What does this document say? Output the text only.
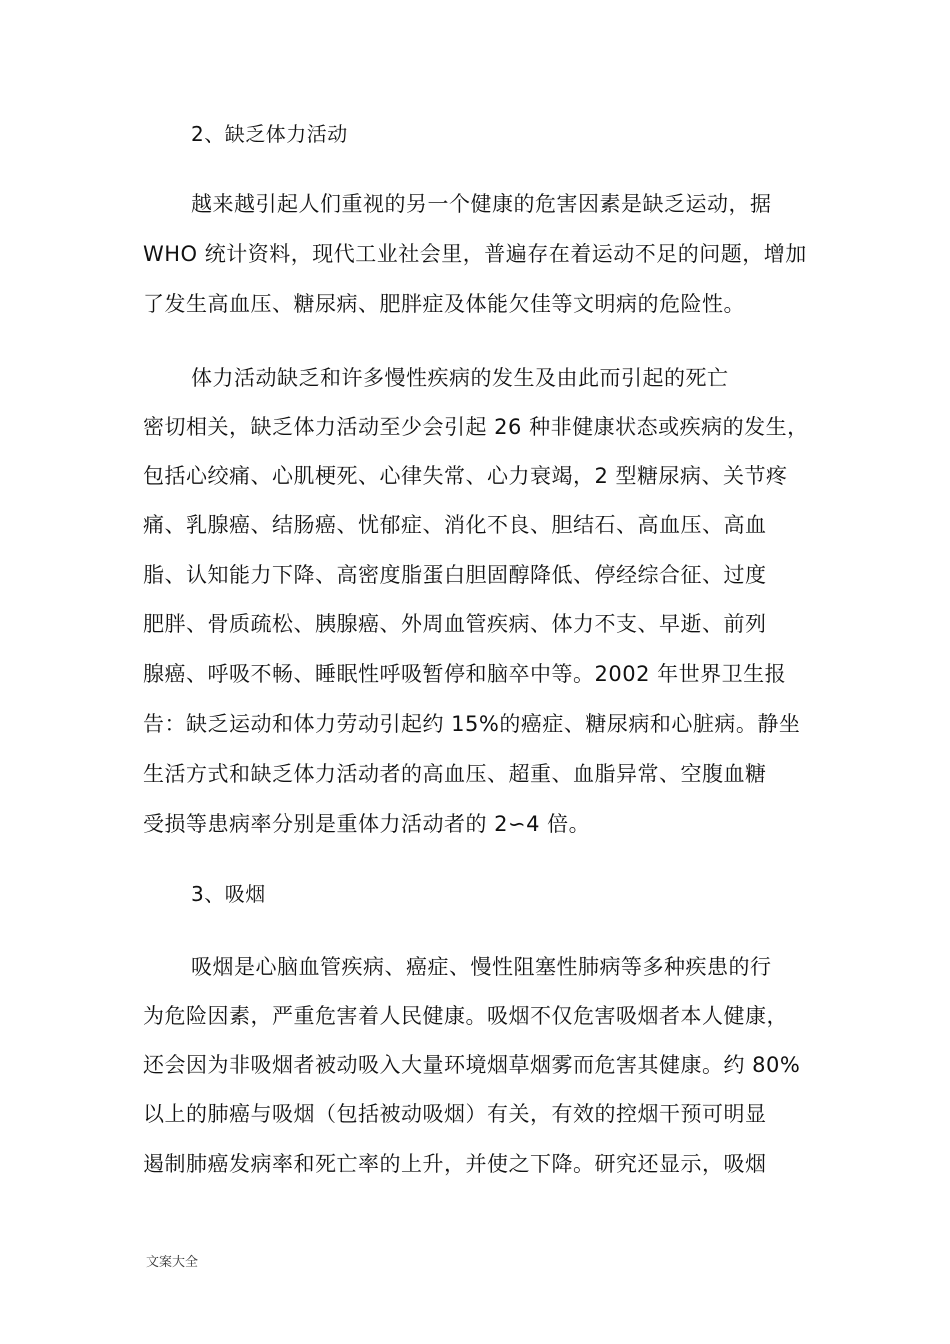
2、缺乏体力活动
越来越引起人们重视的另一个健康的危害因素是缺乏运动，据
WHO 统计资料，现代工业社会里，普遍存在着运动不足的问题，增加
了发生高血压、糖尿病、肥胖症及体能欠佳等文明病的危险性。
体力活动缺乏和许多慢性疾病的发生及由此而引起的死亡
密切相关，缺乏体力活动至少会引起 26 种非健康状态或疾病的发生，
包括心绞痛、心肌梗死、心律失常、心力衰竭，2 型糖尿病、关节疼
痛、乳腺癌、结肠癌、忧郁症、消化不良、胆结石、高血压、高血
脂、认知能力下降、高密度脂蛋白胆固醇降低、停经综合征、过度
肥胖、骨质疏松、胰腺癌、外周血管疾病、体力不支、早逝、前列
腺癌、呼吸不畅、睡眠性呼吸暂停和脑卒中等。2002 年世界卫生报
告：缺乏运动和体力劳动引起约 15%的癌症、糖尿病和心脏病。静坐
生活方式和缺乏体力活动者的高血压、超重、血脂异常、空腹血糖
受损等患病率分别是重体力活动者的 2∽4 倍。
3、吸烟
吸烟是心脑血管疾病、癌症、慢性阻塞性肺病等多种疾患的行
为危险因素，严重危害着人民健康。吸烟不仅危害吸烟者本人健康，
还会因为非吸烟者被动吸入大量环境烟草烟雾而危害其健康。约 80%
以上的肺癌与吸烟（包括被动吸烟）有关，有效的控烟干预可明显
遏制肺癌发病率和死亡率的上升，并使之下降。研究还显示，吸烟
文案大全
